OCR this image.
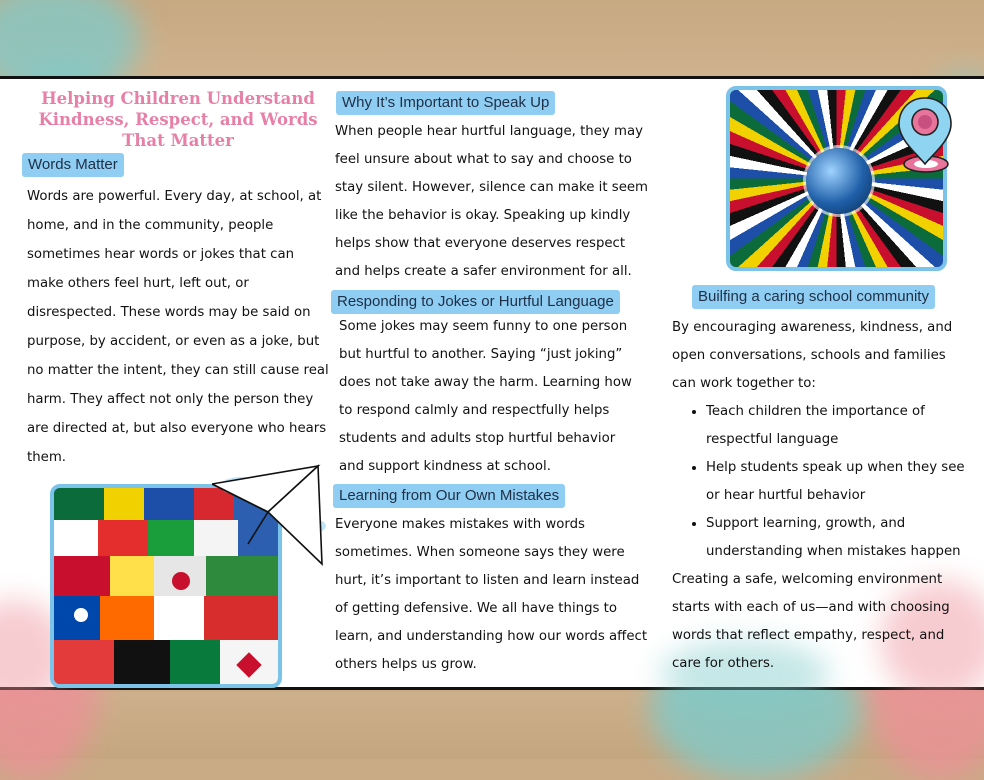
Helping Children Understand Kindness, Respect, and Words That Matter
Words Matter

Words are powerful. Every day, at school, at home, and in the community, people sometimes hear words or jokes that can make others feel hurt, left out, or disrespected. These words may be said on purpose, by accident, or even as a joke, but no matter the intent, they can still cause real harm. They affect not only the person they are directed at, but also everyone who hears them.

Why It’s Important to Speak Up

When people hear hurtful language, they may feel unsure about what to say and choose to stay silent. However, silence can make it seem like the behavior is okay. Speaking up kindly helps show that everyone deserves respect and helps create a safer environment for all.

Responding to Jokes or Hurtful Language

Some jokes may seem funny to one person but hurtful to another. Saying “just joking” does not take away the harm. Learning how to respond calmly and respectfully helps students and adults stop hurtful behavior and support kindness at school.

Learning from Our Own Mistakes

Everyone makes mistakes with words sometimes. When someone says they were hurt, it’s important to listen and learn instead of getting defensive. We all have things to learn, and understanding how our words affect others helps us grow.

Builfing a caring school community

By encouraging awareness, kindness, and open conversations, schools and families can work together to:

• Teach children the importance of respectful language
• Help students speak up when they see or hear hurtful behavior
• Support learning, growth, and understanding when mistakes happen

Creating a safe, welcoming environment starts with each of us—and with choosing words that reflect empathy, respect, and care for others.
